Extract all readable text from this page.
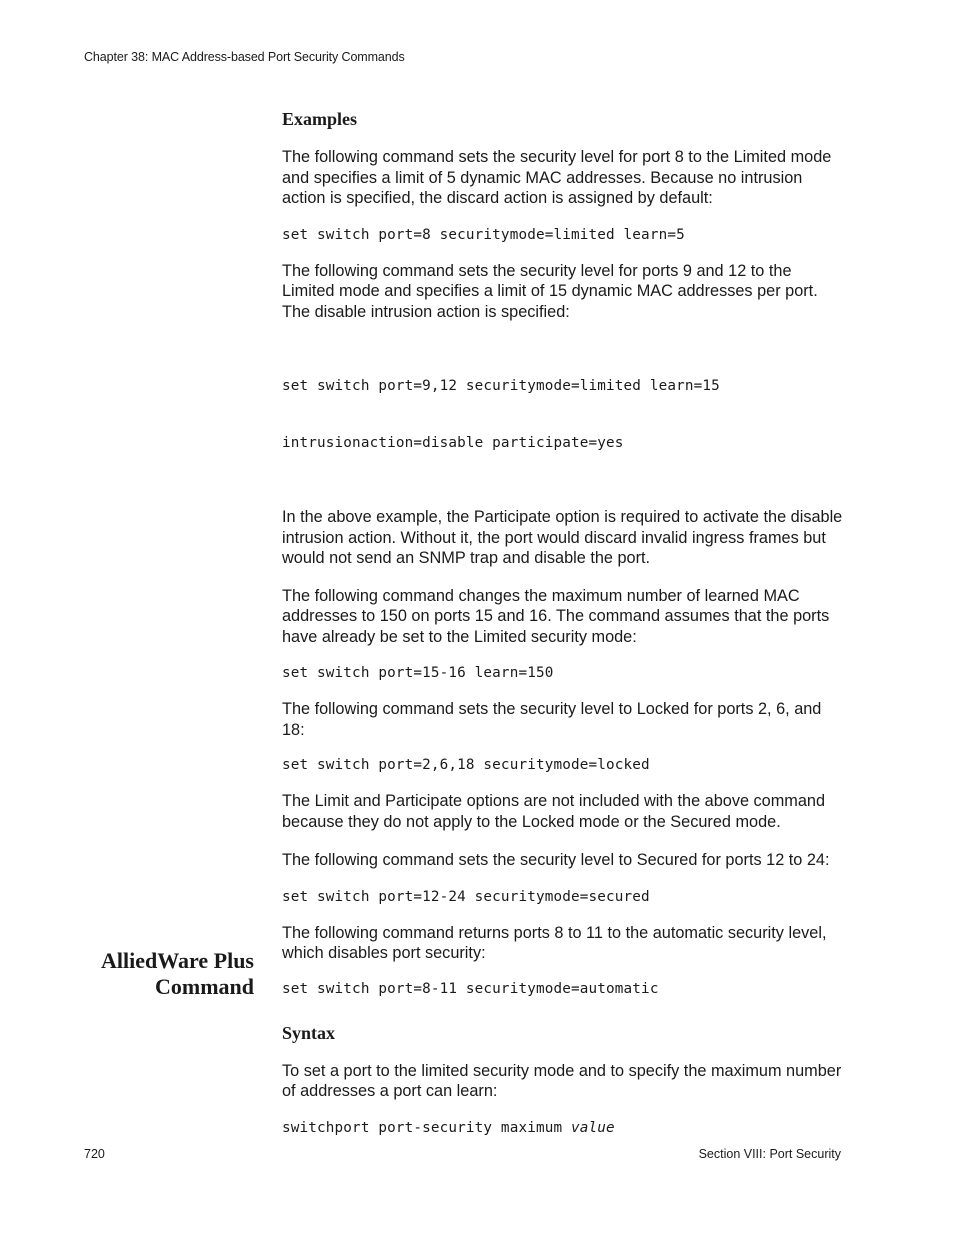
Chapter 38: MAC Address-based Port Security Commands
AlliedWare Plus
Command
Examples

The following command sets the security level for port 8 to the Limited mode and specifies a limit of 5 dynamic MAC addresses. Because no intrusion action is specified, the discard action is assigned by default:

set switch port=8 securitymode=limited learn=5

The following command sets the security level for ports 9 and 12 to the Limited mode and specifies a limit of 15 dynamic MAC addresses per port. The disable intrusion action is specified:

set switch port=9,12 securitymode=limited learn=15

intrusionaction=disable participate=yes

In the above example, the Participate option is required to activate the disable intrusion action. Without it, the port would discard invalid ingress frames but would not send an SNMP trap and disable the port.

The following command changes the maximum number of learned MAC addresses to 150 on ports 15 and 16. The command assumes that the ports have already be set to the Limited security mode:

set switch port=15-16 learn=150

The following command sets the security level to Locked for ports 2, 6, and 18:

set switch port=2,6,18 securitymode=locked

The Limit and Participate options are not included with the above command because they do not apply to the Locked mode or the Secured mode.

The following command sets the security level to Secured for ports 12 to 24:

set switch port=12-24 securitymode=secured

The following command returns ports 8 to 11 to the automatic security level, which disables port security:

set switch port=8-11 securitymode=automatic

Syntax

To set a port to the limited security mode and to specify the maximum number of addresses a port can learn:

switchport port-security maximum value

720	Section VIII: Port Security
